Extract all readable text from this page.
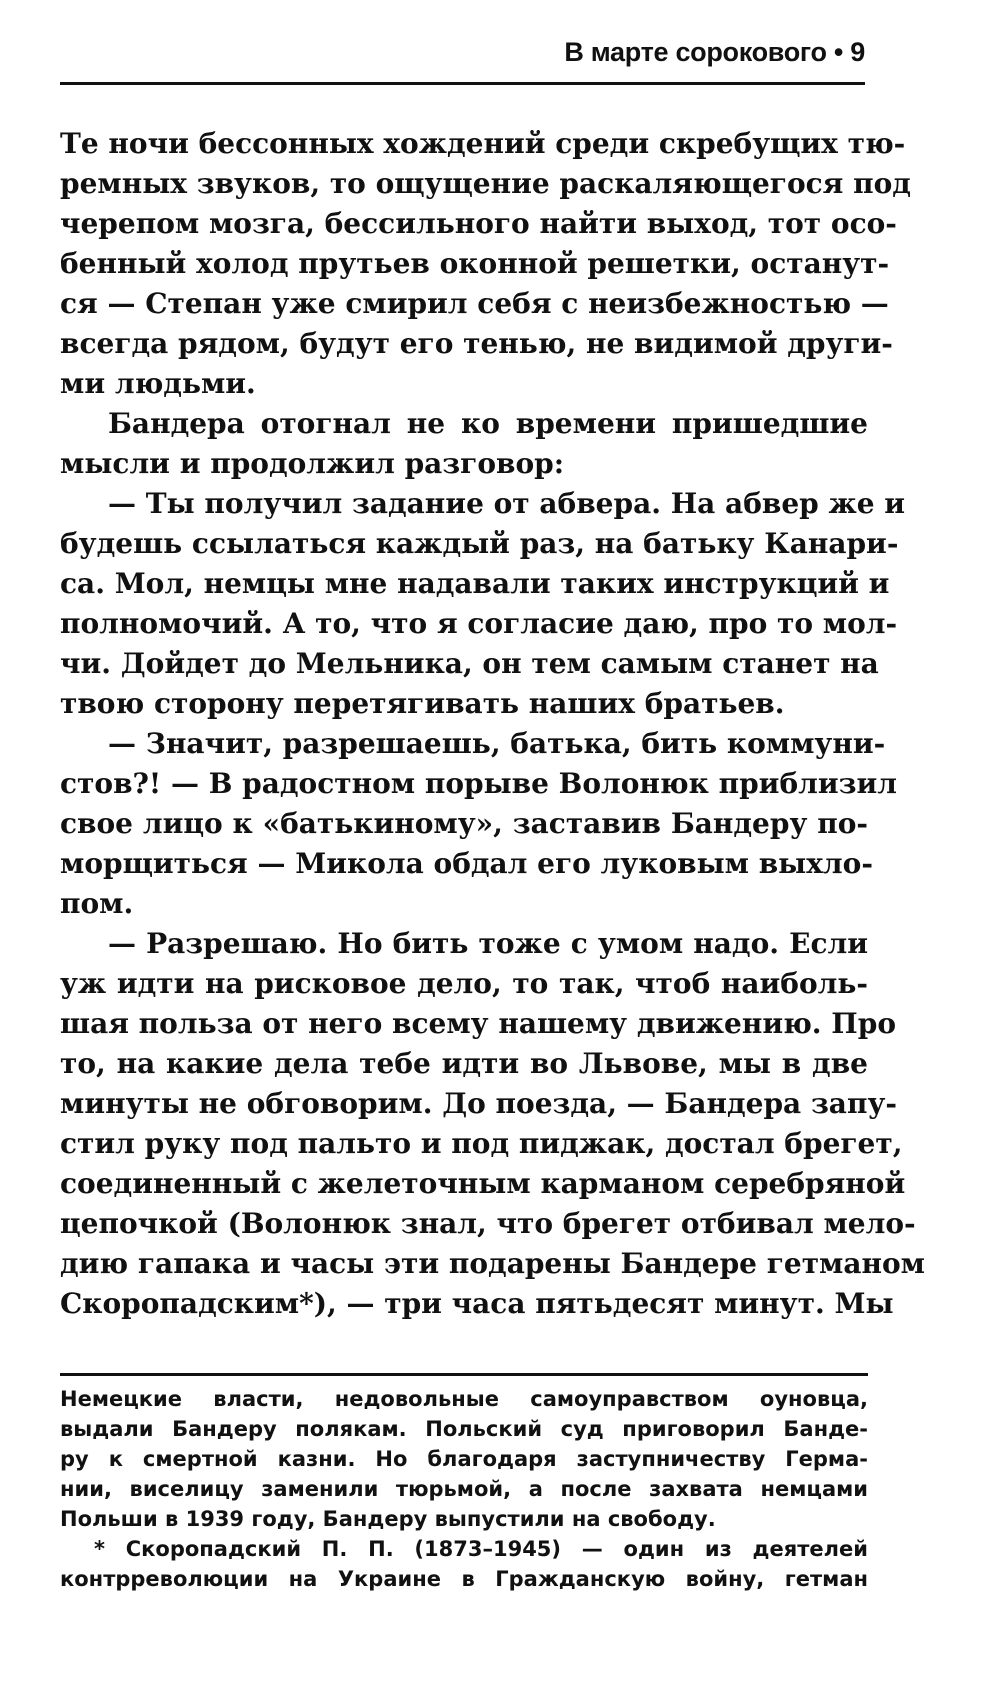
В марте сорокового • 9
Те ночи бессонных хождений среди скребущих тю-
ремных звуков, то ощущение раскаляющегося под
черепом мозга, бессильного найти выход, тот осо-
бенный холод прутьев оконной решетки, останут-
ся — Степан уже смирил себя с неизбежностью —
всегда рядом, будут его тенью, не видимой други-
ми людьми.
Бандера отогнал не ко времени пришедшие
мысли и продолжил разговор:
— Ты получил задание от абвера. На абвер же и
будешь ссылаться каждый раз, на батьку Канари-
са. Мол, немцы мне надавали таких инструкций и
полномочий. А то, что я согласие даю, про то мол-
чи. Дойдет до Мельника, он тем самым станет на
твою сторону перетягивать наших братьев.
— Значит, разрешаешь, батька, бить коммуни-
стов?! — В радостном порыве Волонюк приблизил
свое лицо к «батькиному», заставив Бандеру по-
морщиться — Микола обдал его луковым выхло-
пом.
— Разрешаю. Но бить тоже с умом надо. Если
уж идти на рисковое дело, то так, чтоб наиболь-
шая польза от него всему нашему движению. Про
то, на какие дела тебе идти во Львове, мы в две
минуты не обговорим. До поезда, — Бандера запу-
стил руку под пальто и под пиджак, достал брегет,
соединенный с желеточным карманом серебряной
цепочкой (Волонюк знал, что брегет отбивал мело-
дию гапака и часы эти подарены Бандере гетманом
Скоропадским*), — три часа пятьдесят минут. Мы
Немецкие власти, недовольные самоуправством оуновца,
выдали Бандеру полякам. Польский суд приговорил Банде-
ру к смертной казни. Но благодаря заступничеству Герма-
нии, виселицу заменили тюрьмой, а после захвата немцами
Польши в 1939 году, Бандеру выпустили на свободу.
* Скоропадский П. П. (1873–1945) — один из деятелей
контрреволюции на Украине в Гражданскую войну, гетман
